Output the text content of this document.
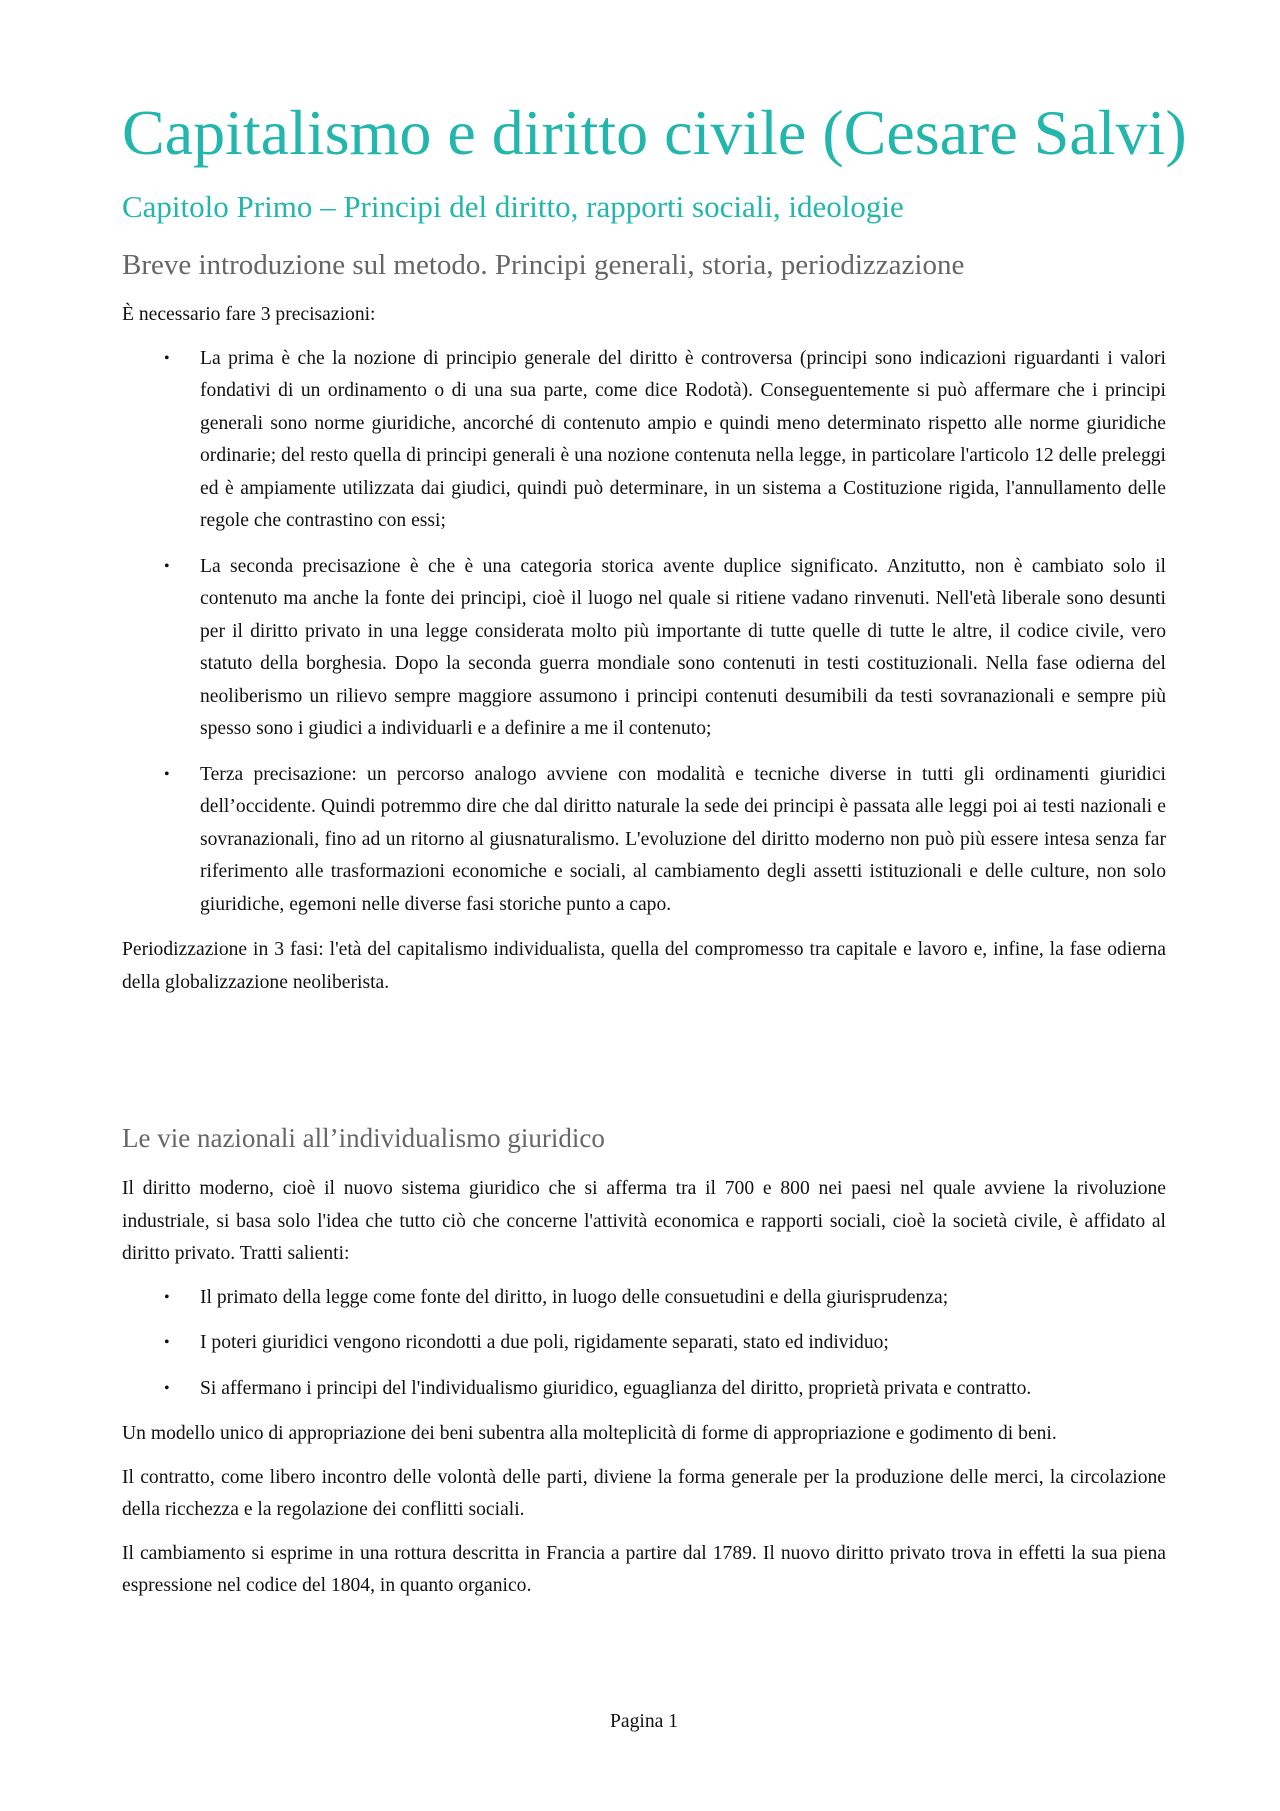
Capitalismo e diritto civile (Cesare Salvi)
Capitolo Primo – Principi del diritto, rapporti sociali, ideologie
Breve introduzione sul metodo. Principi generali, storia, periodizzazione

È necessario fare 3 precisazioni:

• La prima è che la nozione di principio generale del diritto è controversa (principi sono indicazioni riguardanti i valori fondativi di un ordinamento o di una sua parte, come dice Rodotà). Conseguentemente si può affermare che i principi generali sono norme giuridiche, ancorché di contenuto ampio e quindi meno determinato rispetto alle norme giuridiche ordinarie; del resto quella di principi generali è una nozione contenuta nella legge, in particolare l'articolo 12 delle preleggi ed è ampiamente utilizzata dai giudici, quindi può determinare, in un sistema a Costituzione rigida, l'annullamento delle regole che contrastino con essi;
• La seconda precisazione è che è una categoria storica avente duplice significato. Anzitutto, non è cambiato solo il contenuto ma anche la fonte dei principi, cioè il luogo nel quale si ritiene vadano rinvenuti. Nell'età liberale sono desunti per il diritto privato in una legge considerata molto più importante di tutte quelle di tutte le altre, il codice civile, vero statuto della borghesia. Dopo la seconda guerra mondiale sono contenuti in testi costituzionali. Nella fase odierna del neoliberismo un rilievo sempre maggiore assumono i principi contenuti desumibili da testi sovranazionali e sempre più spesso sono i giudici a individuarli e a definire a me il contenuto;
• Terza precisazione: un percorso analogo avviene con modalità e tecniche diverse in tutti gli ordinamenti giuridici dell’occidente. Quindi potremmo dire che dal diritto naturale la sede dei principi è passata alle leggi poi ai testi nazionali e sovranazionali, fino ad un ritorno al giusnaturalismo. L'evoluzione del diritto moderno non può più essere intesa senza far riferimento alle trasformazioni economiche e sociali, al cambiamento degli assetti istituzionali e delle culture, non solo giuridiche, egemoni nelle diverse fasi storiche punto a capo.

Periodizzazione in 3 fasi: l'età del capitalismo individualista, quella del compromesso tra capitale e lavoro e, infine, la fase odierna della globalizzazione neoliberista.

Le vie nazionali all’individualismo giuridico

Il diritto moderno, cioè il nuovo sistema giuridico che si afferma tra il 700 e 800 nei paesi nel quale avviene la rivoluzione industriale, si basa solo l'idea che tutto ciò che concerne l'attività economica e rapporti sociali, cioè la società civile, è affidato al diritto privato. Tratti salienti:

• Il primato della legge come fonte del diritto, in luogo delle consuetudini e della giurisprudenza;
• I poteri giuridici vengono ricondotti a due poli, rigidamente separati, stato ed individuo;
• Si affermano i principi del l'individualismo giuridico, eguaglianza del diritto, proprietà privata e contratto.

Un modello unico di appropriazione dei beni subentra alla molteplicità di forme di appropriazione e godimento di beni.

Il contratto, come libero incontro delle volontà delle parti, diviene la forma generale per la produzione delle merci, la circolazione della ricchezza e la regolazione dei conflitti sociali.

Il cambiamento si esprime in una rottura descritta in Francia a partire dal 1789. Il nuovo diritto privato trova in effetti la sua piena espressione nel codice del 1804, in quanto organico.

Pagina 1
